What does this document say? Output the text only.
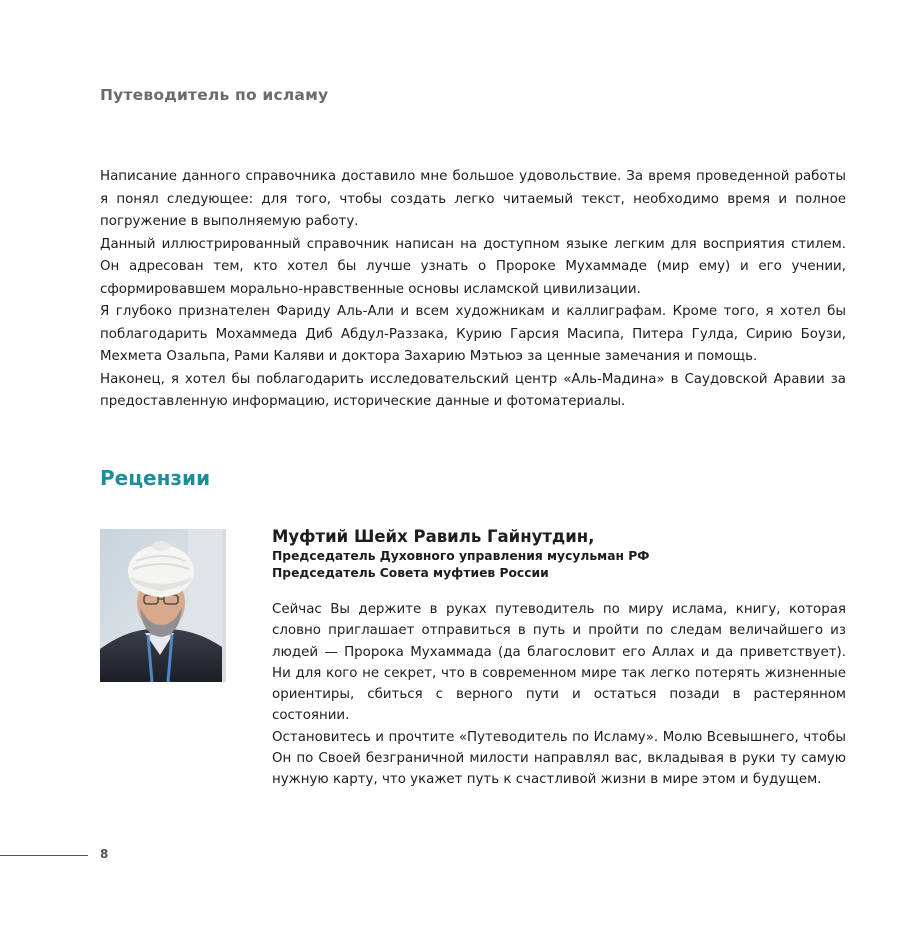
Путеводитель по исламу

Написание данного справочника доставило мне большое удовольствие. За время проведенной работы я понял следующее: для того, чтобы создать легко читаемый текст, необходимо время и полное погружение в выполняемую работу.

Данный иллюстрированный справочник написан на доступном языке легким для восприятия стилем. Он адресован тем, кто хотел бы лучше узнать о Пророке Мухаммаде (мир ему) и его учении, сформировавшем морально-нравственные основы исламской цивилизации.

Я глубоко признателен Фариду Аль-Али и всем художникам и каллиграфам. Кроме того, я хотел бы поблагодарить Мохаммеда Диб Абдул-Раззака, Курию Гарсия Масипа, Питера Гулда, Сирию Боузи, Мехмета Озальпа, Рами Каляви и доктора Захарию Мэтьюэ за ценные замечания и помощь.

Наконец, я хотел бы поблагодарить исследовательский центр «Аль-Мадина» в Саудовской Аравии за предоставленную информацию, исторические данные и фотоматериалы.

Рецензии

Муфтий Шейх Равиль Гайнутдин,

Председатель Духовного управления мусульман РФ

Председатель Совета муфтиев России

Сейчас Вы держите в руках путеводитель по миру ислама, книгу, которая словно приглашает отправиться в путь и пройти по следам величайшего из людей — Пророка Мухаммада (да благословит его Аллах и да приветствует). Ни для кого не секрет, что в современном мире так легко потерять жизненные ориентиры, сбиться с верного пути и остаться позади в растерянном состоянии.

Остановитесь и прочтите «Путеводитель по Исламу». Молю Всевышнего, чтобы Он по Своей безграничной милости направлял вас, вкладывая в руки ту самую нужную карту, что укажет путь к счастливой жизни в мире этом и будущем.

8
